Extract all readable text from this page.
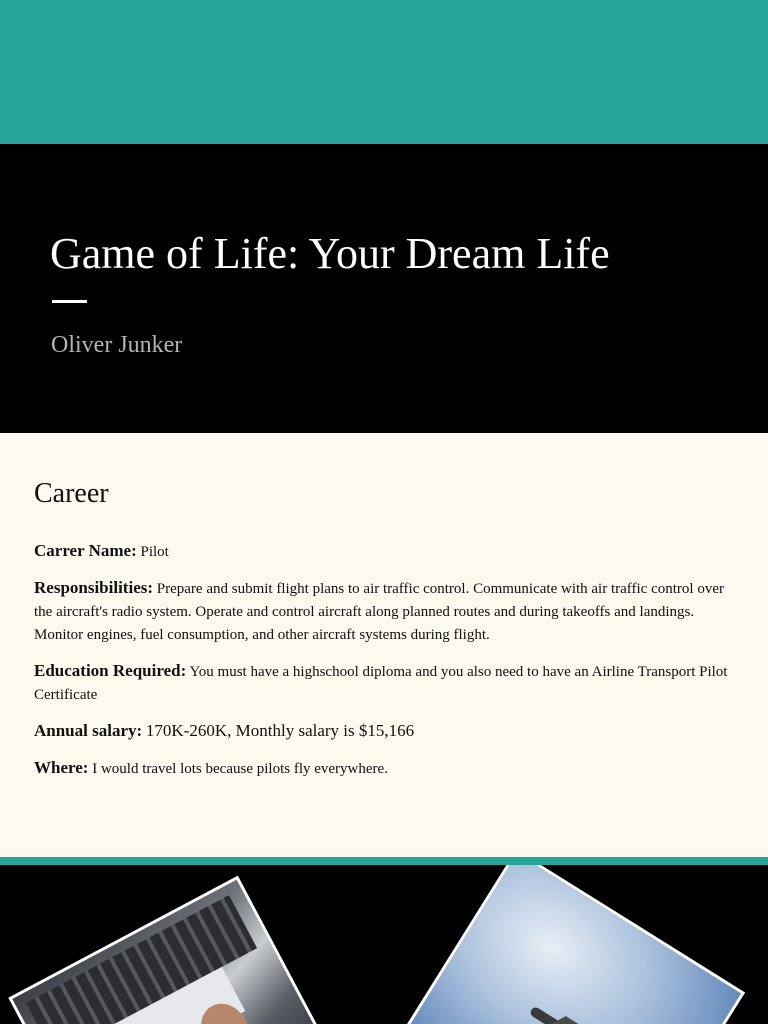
Game of Life: Your Dream Life
Oliver Junker
Career

Carrer Name: Pilot

Responsibilities: Prepare and submit flight plans to air traffic control. Communicate with air traffic control over the aircraft's radio system. Operate and control aircraft along planned routes and during takeoffs and landings. Monitor engines, fuel consumption, and other aircraft systems during flight.

Education Required: You must have a highschool diploma and you also need to have an Airline Transport Pilot Certificate

Annual salary: 170K-260K, Monthly salary is $15,166

Where: I would travel lots because pilots fly everywhere.
